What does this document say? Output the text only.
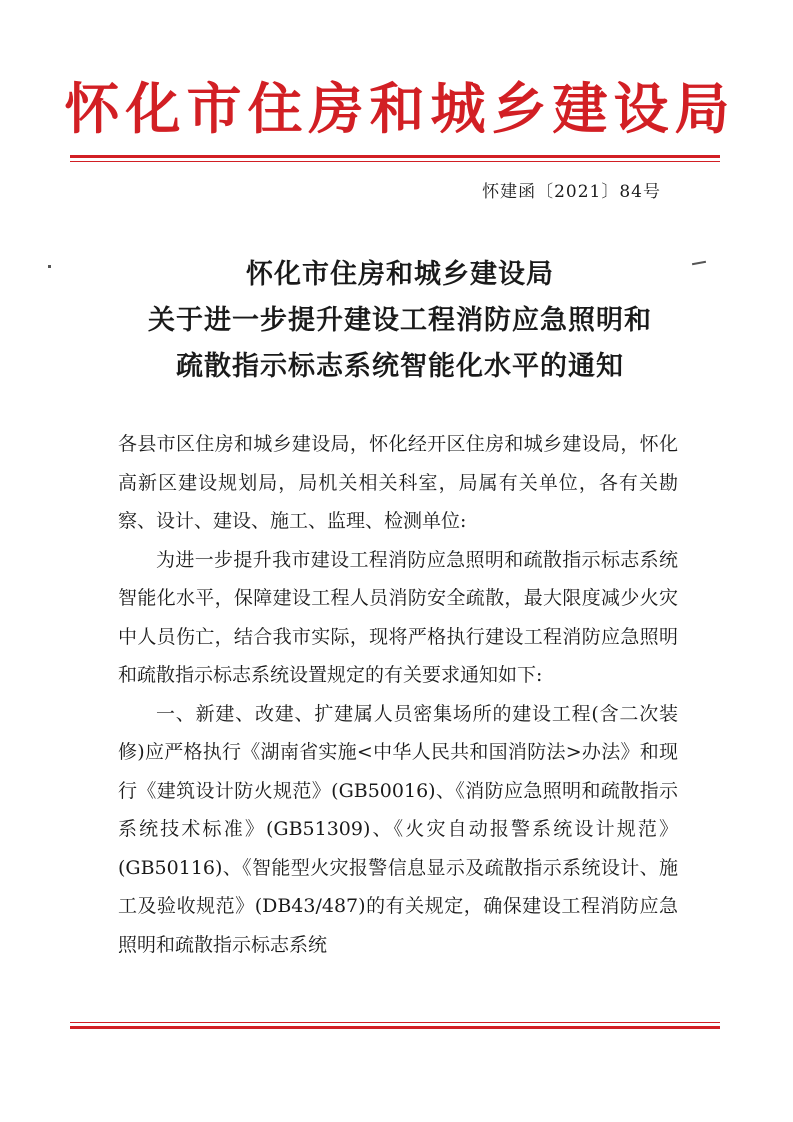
怀化市住房和城乡建设局
怀建函〔2021〕84号
怀化市住房和城乡建设局
关于进一步提升建设工程消防应急照明和
疏散指示标志系统智能化水平的通知

各县市区住房和城乡建设局，怀化经开区住房和城乡建设局，怀化高新区建设规划局，局机关相关科室，局属有关单位，各有关勘察、设计、建设、施工、监理、检测单位:

为进一步提升我市建设工程消防应急照明和疏散指示标志系统智能化水平，保障建设工程人员消防安全疏散，最大限度减少火灾中人员伤亡，结合我市实际，现将严格执行建设工程消防应急照明和疏散指示标志系统设置规定的有关要求通知如下:

一、新建、改建、扩建属人员密集场所的建设工程(含二次装修)应严格执行《湖南省实施<中华人民共和国消防法>办法》和现行《建筑设计防火规范》(GB50016)、《消防应急照明和疏散指示系统技术标准》(GB51309)、《火灾自动报警系统设计规范》(GB50116)、《智能型火灾报警信息显示及疏散指示系统设计、施工及验收规范》(DB43/487)的有关规定，确保建设工程消防应急照明和疏散指示标志系统
